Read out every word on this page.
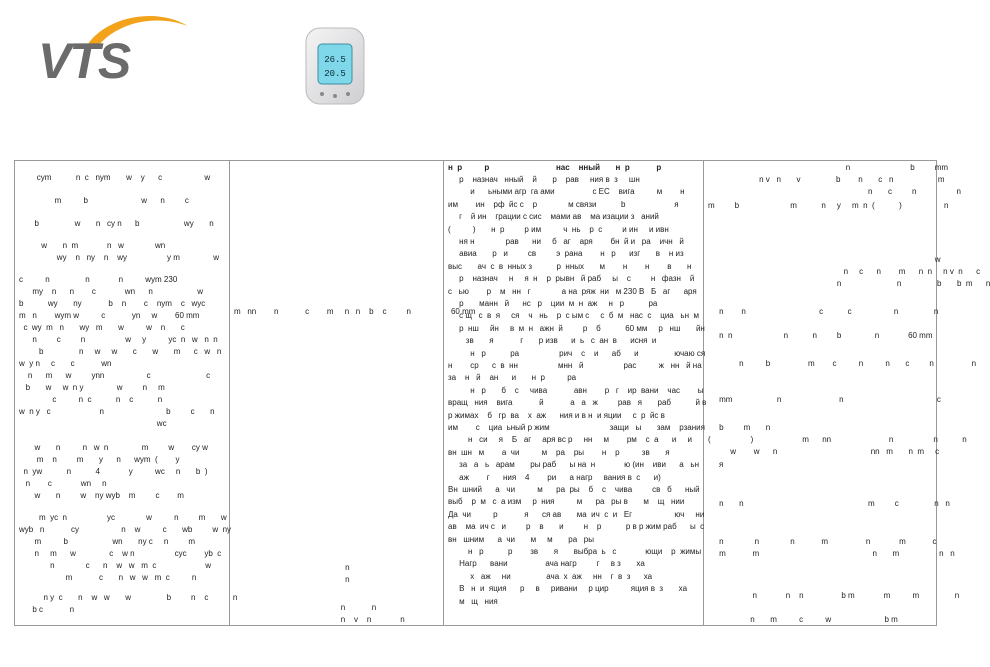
VTS	26.5
20.5
cym           n  c   nym       w    y      c                   w
m          b                        w      n         c
b                w       n   cy n      b                    wy       n
w       n  m             n   w              wn
wy    n   ny    n    wy                  y m               w
c          n                n             n          wym 230
my    n      n        c             wn      n                    w
b           wy       ny            b    n        c    nym    c   wyc
m   n        wym w          c            yn     w        60 mm
c  wy  m   n       wy   m       w          w    n       c
n         c         n                  w     y          yc  n   w   n  n
b                n     w     w       c       w       m      c   w   n
w  y n     c       c            wn
n      m      w         ynn                   c                         c
b       w     w  n y               w         n     m
c          n  c           n    c           n
w  n y   c                      n                            b         c       n
wc
w       n          n   w  n               m         w        cy w
m    n         m       y      n      wym  (        y
n  yw           n           4             y          wc     n       b  )
n        c             wn     n
w       n         w    ny wyb    m         c        m
m  yc  n                  yc              w          n         m       w
wyb   n            cy                   n    w          c       wb         w  ny
m          b                    wn       ny c     n         m
n     m      w               c    w n                  cyc        yb  c
n              c      n    w   w   m  c                      w
m            c       n   w   w   m  c          n
n y  c       n    w   w       w                b         n    c           n
b c            n
m   nn        n            c        m     n   n    b    c         n                  60 mm
n
n
n            n
n    v    n             n
н  р          р                              нас    нный       н  р            р
р    назнач   нный    й       р    рав     ния в  з     шн
и      ьными агр  га ами                 с ЕС    вига          м        н
им        ин    рф  йс с    р              м связи           b                      я
г    й ин    грации с сис    мами ав    ма изации з   аний
(          )       н  р         р им          ч  нь    р  с         и ин     и ивн
ня н              рав      ни     б   аг    аря        бн  й и   ра    ичн   й
авиа       р   и         св         э  рана        н   р      изг       в    н из
выс       ач  с  в  нных з           р  нных       м        н        н        в       н
р    назнач     н     я  н    р  рывн   й раб     ы    с         н   фазн    й
с   ью        р    м   нн   г              а на  ряж  ни   м 230 В   Б   аг      аря
р       манн   й      нс   р    ции  м  н  аж     н   р           ра
с щ   с  в  я     ся    ч   нь    р  с ым с     с  б  м   нас  с    циа   ьн  м
р  нш     йн     в  м  н   ажн  й         р    б           60 мм     р   нш       йн
зв       я            г       р изв      и  ь   с  ан  в      исня  и
н   р           ра                  рич    с    и      аб      и                ючаю ся
н        ср      с  в  нн                  мнн   й                  рас          ж   нн   й на
за    н   й    ан      и       н  р          ра
н   р       б    с     чива            авн        р   г    ир  вани    час        ы
вращ   ния    вига            й            а   а   ж         рав   я       раб           й в
р жимах    б   гр  ва    х  аж      ния и в н  и яции     с  р  йс в
им        с    циа  ьный р жим                           защи   ы       зам    рзания
н   си     я    Б   аг     аря вс р     нн     м        рм    с  а      и     и
вн  шн   м        а  чи          м    ра    ры        н    р          зв       я
за   а   ь   арам       ры раб      ы на  н             ю (ин    иви      а   ьн         я
аж        г      ния    4        ри      а нагр     вания в  с      и)
Вн  шний      а   чи          м      ра  ры    б    с    чива         св   б      ный
выб    р  м   с  а изм     р  ния          м      ра   ры в       м    щ   нии
Да  чи          р            я      ся ав       ма  ич  с  и   Ег                   юч     ни
ав    ма  ич с   и         р    в       и         н    р           р в р жим раб      ы  с
вн   шним      а  чи       м     м       ра   ры
н   р           р        зв       я       выбра  ь   с             ющи    р  жимы
Нагр      вани                 ача нагр         г     в з       ха
х   аж     ни                ача  х  аж     нн    г  в  з      ха
В   н  и  яция      р     в     ривани     р цир          яция в  з       ха
м   щ   ния
n                           b         mm
n v   n       v                b        n       c   n                    m
n       c         n                  n
m         b                       m           n     y     m  n  (           )                   n
w
n     c      n        m      n  n     n v  n      c
n                         n                b       b  m      n
n        n                                 c           c                   n                n
n  n                       n           n         b               n             60 mm
n          b                 m        c          n          n       c         n                 n
mm                    n                          n                                          c
b         m       n
(                  )                      m      nn                          n                  n           n
w        w      n                                          nn   m       n  m     c
n       n                                                        m         c                n   n
n              n              n            m                 n             m            c
m            m                                                   n       m                  n   n
n             n    n                 b m             m          m                n
n       m          c          w                        b m
